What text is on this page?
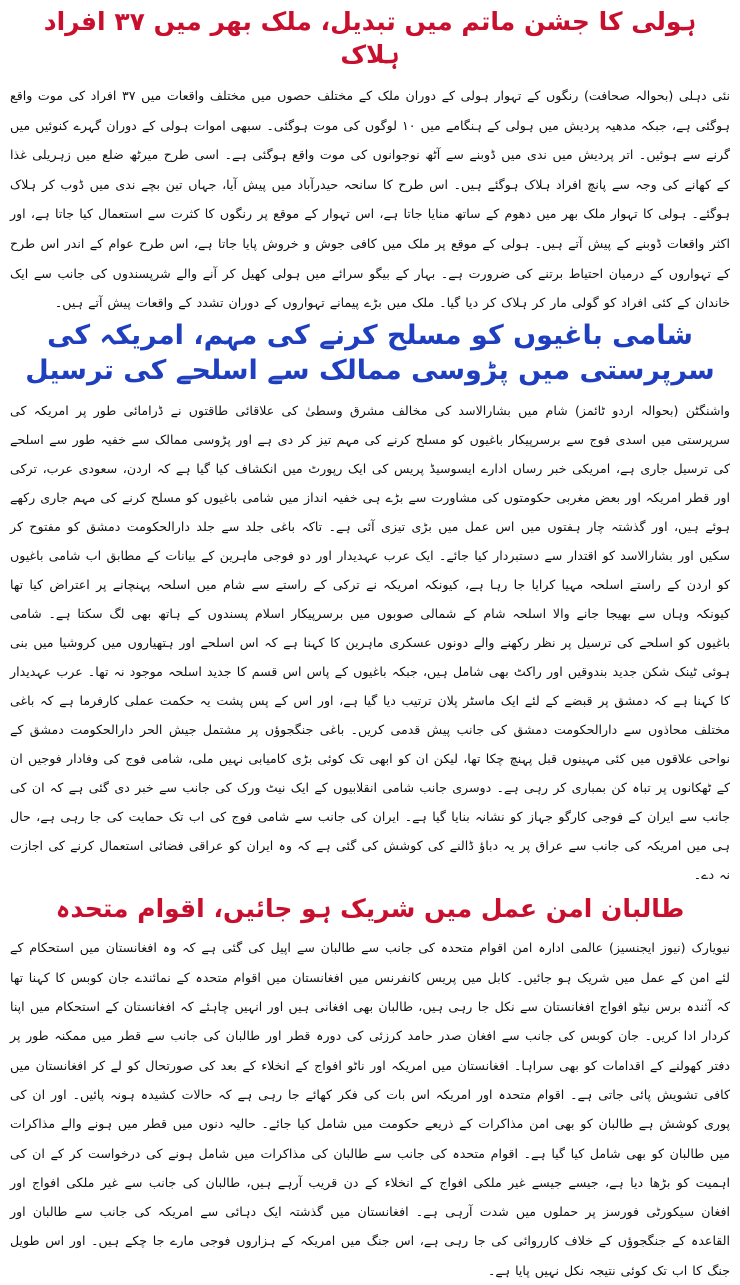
ہولی کا جشن ماتم میں تبدیل، ملک بھر میں ۳۷ افراد ہلاک

نئی دہلی (بحوالہ صحافت) رنگوں کے تہوار ہولی کے دوران ملک کے مختلف حصوں میں مختلف واقعات میں ۳۷ افراد کی موت واقع ہوگئی ہے، جبکہ مدھیہ پردیش میں ہولی کے ہنگامے میں ۱۰ لوگوں کی موت ہوگئی۔ سبھی اموات ہولی کے دوران گہرے کنوئیں میں گرنے سے ہوئیں۔ اتر پردیش میں ندی میں ڈوبنے سے آٹھ نوجوانوں کی موت واقع ہوگئی ہے۔ اسی طرح میرٹھ ضلع میں زہریلی غذا کے کھانے کی وجہ سے پانچ افراد ہلاک ہوگئے ہیں۔ اس طرح کا سانحہ حیدرآباد میں پیش آیا، جہاں تین بچے ندی میں ڈوب کر ہلاک ہوگئے۔ ہولی کا تہوار ملک بھر میں دھوم کے ساتھ منایا جاتا ہے، اس تہوار کے موقع پر رنگوں کا کثرت سے استعمال کیا جاتا ہے، اور اکثر واقعات ڈوبنے کے پیش آتے ہیں۔ ہولی کے موقع پر ملک میں کافی جوش و خروش پایا جاتا ہے، اس طرح عوام کے اندر اس طرح کے تہواروں کے درمیان احتیاط برتنے کی ضرورت ہے۔ بہار کے بیگو سرائے میں ہولی کھیل کر آنے والے شرپسندوں کی جانب سے ایک خاندان کے کئی افراد کو گولی مار کر ہلاک کر دیا گیا۔ ملک میں بڑے پیمانے تہواروں کے دوران تشدد کے واقعات پیش آتے ہیں۔

شامی باغیوں کو مسلح کرنے کی مہم، امریکہ کی سرپرستی میں پڑوسی ممالک سے اسلحے کی ترسیل

واشنگٹن (بحوالہ اردو ٹائمز) شام میں بشارالاسد کی مخالف مشرق وسطیٰ کی علاقائی طاقتوں نے ڈرامائی طور پر امریکہ کی سرپرستی میں اسدی فوج سے برسرپیکار باغیوں کو مسلح کرنے کی مہم تیز کر دی ہے اور پڑوسی ممالک سے خفیہ طور سے اسلحے کی ترسیل جاری ہے، امریکی خبر رساں ادارے ایسوسیڈ پریس کی ایک رپورٹ میں انکشاف کیا گیا ہے کہ اردن، سعودی عرب، ترکی اور قطر امریکہ اور بعض مغربی حکومتوں کی مشاورت سے بڑے ہی خفیہ انداز میں شامی باغیوں کو مسلح کرنے کی مہم جاری رکھے ہوئے ہیں، اور گذشتہ چار ہفتوں میں اس عمل میں بڑی تیزی آئی ہے۔ تاکہ باغی جلد سے جلد دارالحکومت دمشق کو مفتوح کر سکیں اور بشارالاسد کو اقتدار سے دستبردار کیا جائے۔ ایک عرب عہدیدار اور دو فوجی ماہرین کے بیانات کے مطابق اب شامی باغیوں کو اردن کے راستے اسلحہ مہیا کرایا جا رہا ہے، کیونکہ امریکہ نے ترکی کے راستے سے شام میں اسلحہ پہنچانے پر اعتراض کیا تھا کیونکہ وہاں سے بھیجا جانے والا اسلحہ شام کے شمالی صوبوں میں برسرپیکار اسلام پسندوں کے ہاتھ بھی لگ سکتا ہے۔ شامی باغیوں کو اسلحے کی ترسیل پر نظر رکھنے والے دونوں عسکری ماہرین کا کہنا ہے کہ اس اسلحے اور ہتھیاروں میں کروشیا میں بنی ہوئی ٹینک شکن جدید بندوقیں اور راکٹ بھی شامل ہیں، جبکہ باغیوں کے پاس اس قسم کا جدید اسلحہ موجود نہ تھا۔ عرب عہدیدار کا کہنا ہے کہ دمشق پر قبضے کے لئے ایک ماسٹر پلان ترتیب دیا گیا ہے، اور اس کے پس پشت یہ حکمت عملی کارفرما ہے کہ باغی مختلف محاذوں سے دارالحکومت دمشق کی جانب پیش قدمی کریں۔ باغی جنگجوؤں پر مشتمل جیش الحر دارالحکومت دمشق کے نواحی علاقوں میں کئی مہینوں قبل پہنچ چکا تھا، لیکن ان کو ابھی تک کوئی بڑی کامیابی نہیں ملی، شامی فوج کی وفادار فوجیں ان کے ٹھکانوں پر تباہ کن بمباری کر رہی ہے۔ دوسری جانب شامی انقلابیوں کے ایک نیٹ ورک کی جانب سے خبر دی گئی ہے کہ ان کی جانب سے ایران کے فوجی کارگو جہاز کو نشانہ بنایا گیا ہے۔ ایران کی جانب سے شامی فوج کی اب تک حمایت کی جا رہی ہے، حال ہی میں امریکہ کی جانب سے عراق پر یہ دباؤ ڈالنے کی کوشش کی گئی ہے کہ وہ ایران کو عراقی فضائی استعمال کرنے کی اجازت نہ دے۔

طالبان امن عمل میں شریک ہو جائیں، اقوام متحدہ

نیویارک (نیوز ایجنسیز) عالمی ادارہ امن اقوام متحدہ کی جانب سے طالبان سے اپیل کی گئی ہے کہ وہ افغانستان میں استحکام کے لئے امن کے عمل میں شریک ہو جائیں۔ کابل میں پریس کانفرنس میں افغانستان میں اقوام متحدہ کے نمائندے جان کوبس کا کہنا تھا کہ آئندہ برس نیٹو افواج افغانستان سے نکل جا رہی ہیں، طالبان بھی افغانی ہیں اور انہیں چاہئے کہ افغانستان کے استحکام میں اپنا کردار ادا کریں۔ جان کوبس کی جانب سے افغان صدر حامد کرزئی کی دورہ قطر اور طالبان کی جانب سے قطر میں ممکنہ طور پر دفتر کھولنے کے اقدامات کو بھی سراہا۔ افغانستان میں امریکہ اور ناٹو افواج کے انخلاء کے بعد کی صورتحال کو لے کر افغانستان میں کافی تشویش پائی جاتی ہے۔ اقوام متحدہ اور امریکہ اس بات کی فکر کھائے جا رہی ہے کہ حالات کشیدہ ہونہ پائیں۔ اور ان کی پوری کوشش ہے طالبان کو بھی امن مذاکرات کے ذریعے حکومت میں شامل کیا جائے۔ حالیہ دنوں میں قطر میں ہونے والے مذاکرات میں طالبان کو بھی شامل کیا گیا ہے۔ اقوام متحدہ کی جانب سے طالبان کی مذاکرات میں شامل ہونے کی درخواست کر کے ان کی اہمیت کو بڑھا دیا ہے، جیسے جیسے غیر ملکی افواج کے انخلاء کے دن قریب آرہے ہیں، طالبان کی جانب سے غیر ملکی افواج اور افغان سیکورٹی فورسز پر حملوں میں شدت آرہی ہے۔ افغانستان میں گذشتہ ایک دہائی سے امریکہ کی جانب سے طالبان اور القاعدہ کے جنگجوؤں کے خلاف کارروائی کی جا رہی ہے، اس جنگ میں امریکہ کے ہزاروں فوجی مارے جا چکے ہیں۔ اور اس طویل جنگ کا اب تک کوئی نتیجہ نکل نہیں پایا ہے۔
